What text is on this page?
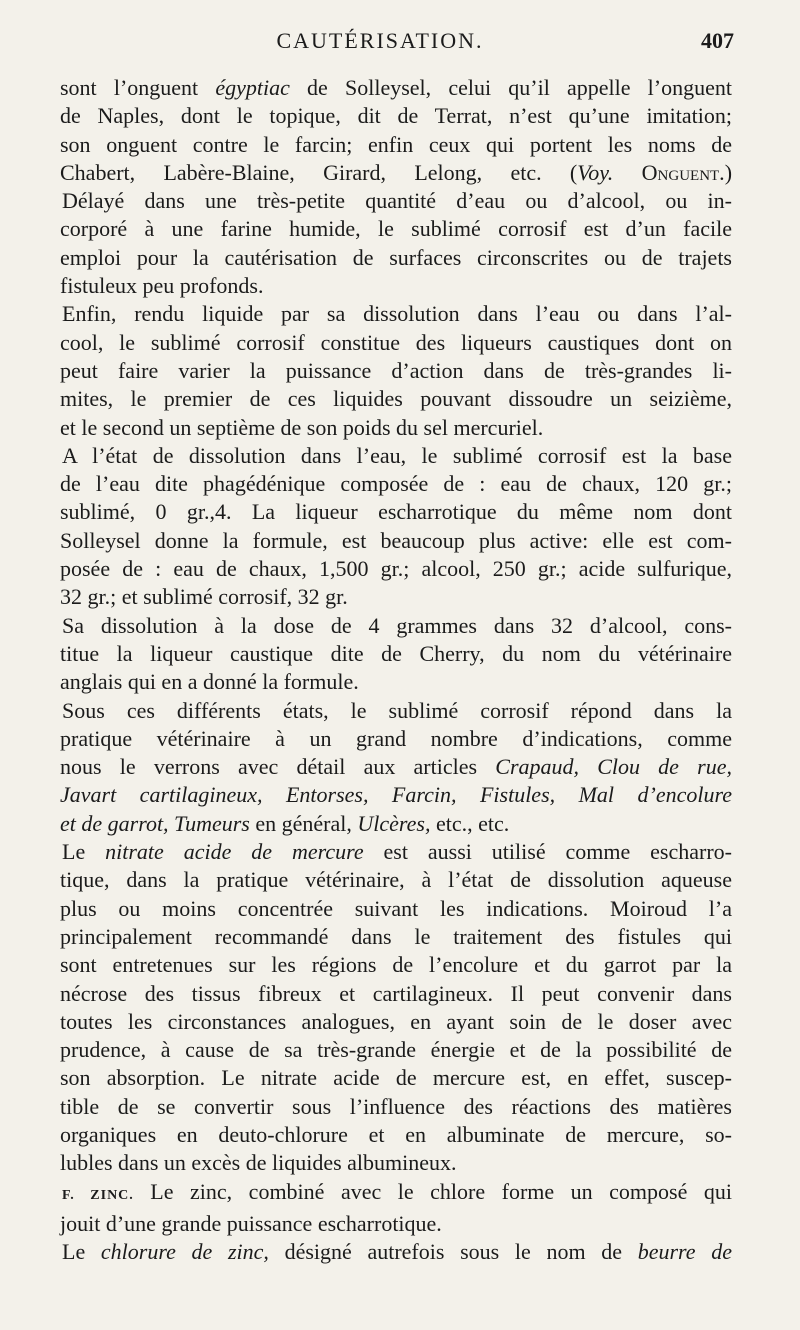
CAUTÉRISATION.	407
sont l’onguent égyptiac de Solleysel, celui qu’il appelle l’onguent
de Naples, dont le topique, dit de Terrat, n’est qu’une imitation;
son onguent contre le farcin; enfin ceux qui portent les noms de
Chabert, Labère-Blaine, Girard, Lelong, etc. (Voy. Onguent.)
Délayé dans une très-petite quantité d’eau ou d’alcool, ou in-
corporé à une farine humide, le sublimé corrosif est d’un facile
emploi pour la cautérisation de surfaces circonscrites ou de trajets
fistuleux peu profonds.
Enfin, rendu liquide par sa dissolution dans l’eau ou dans l’al-
cool, le sublimé corrosif constitue des liqueurs caustiques dont on
peut faire varier la puissance d’action dans de très-grandes li-
mites, le premier de ces liquides pouvant dissoudre un seizième,
et le second un septième de son poids du sel mercuriel.
A l’état de dissolution dans l’eau, le sublimé corrosif est la base
de l’eau dite phagédénique composée de : eau de chaux, 120 gr.;
sublimé, 0 gr.,4. La liqueur escharrotique du même nom dont
Solleysel donne la formule, est beaucoup plus active: elle est com-
posée de : eau de chaux, 1,500 gr.; alcool, 250 gr.; acide sulfurique,
32 gr.; et sublimé corrosif, 32 gr.
Sa dissolution à la dose de 4 grammes dans 32 d’alcool, cons-
titue la liqueur caustique dite de Cherry, du nom du vétérinaire
anglais qui en a donné la formule.
Sous ces différents états, le sublimé corrosif répond dans la
pratique vétérinaire à un grand nombre d’indications, comme
nous le verrons avec détail aux articles Crapaud, Clou de rue,
Javart cartilagineux, Entorses, Farcin, Fistules, Mal d’encolure
et de garrot, Tumeurs en général, Ulcères, etc., etc.
Le nitrate acide de mercure est aussi utilisé comme escharro-
tique, dans la pratique vétérinaire, à l’état de dissolution aqueuse
plus ou moins concentrée suivant les indications. Moiroud l’a
principalement recommandé dans le traitement des fistules qui
sont entretenues sur les régions de l’encolure et du garrot par la
nécrose des tissus fibreux et cartilagineux. Il peut convenir dans
toutes les circonstances analogues, en ayant soin de le doser avec
prudence, à cause de sa très-grande énergie et de la possibilité de
son absorption. Le nitrate acide de mercure est, en effet, suscep-
tible de se convertir sous l’influence des réactions des matières
organiques en deuto-chlorure et en albuminate de mercure, so-
lubles dans un excès de liquides albumineux.
F. ZINC. Le zinc, combiné avec le chlore forme un composé qui
jouit d’une grande puissance escharrotique.
Le chlorure de zinc, désigné autrefois sous le nom de beurre de
